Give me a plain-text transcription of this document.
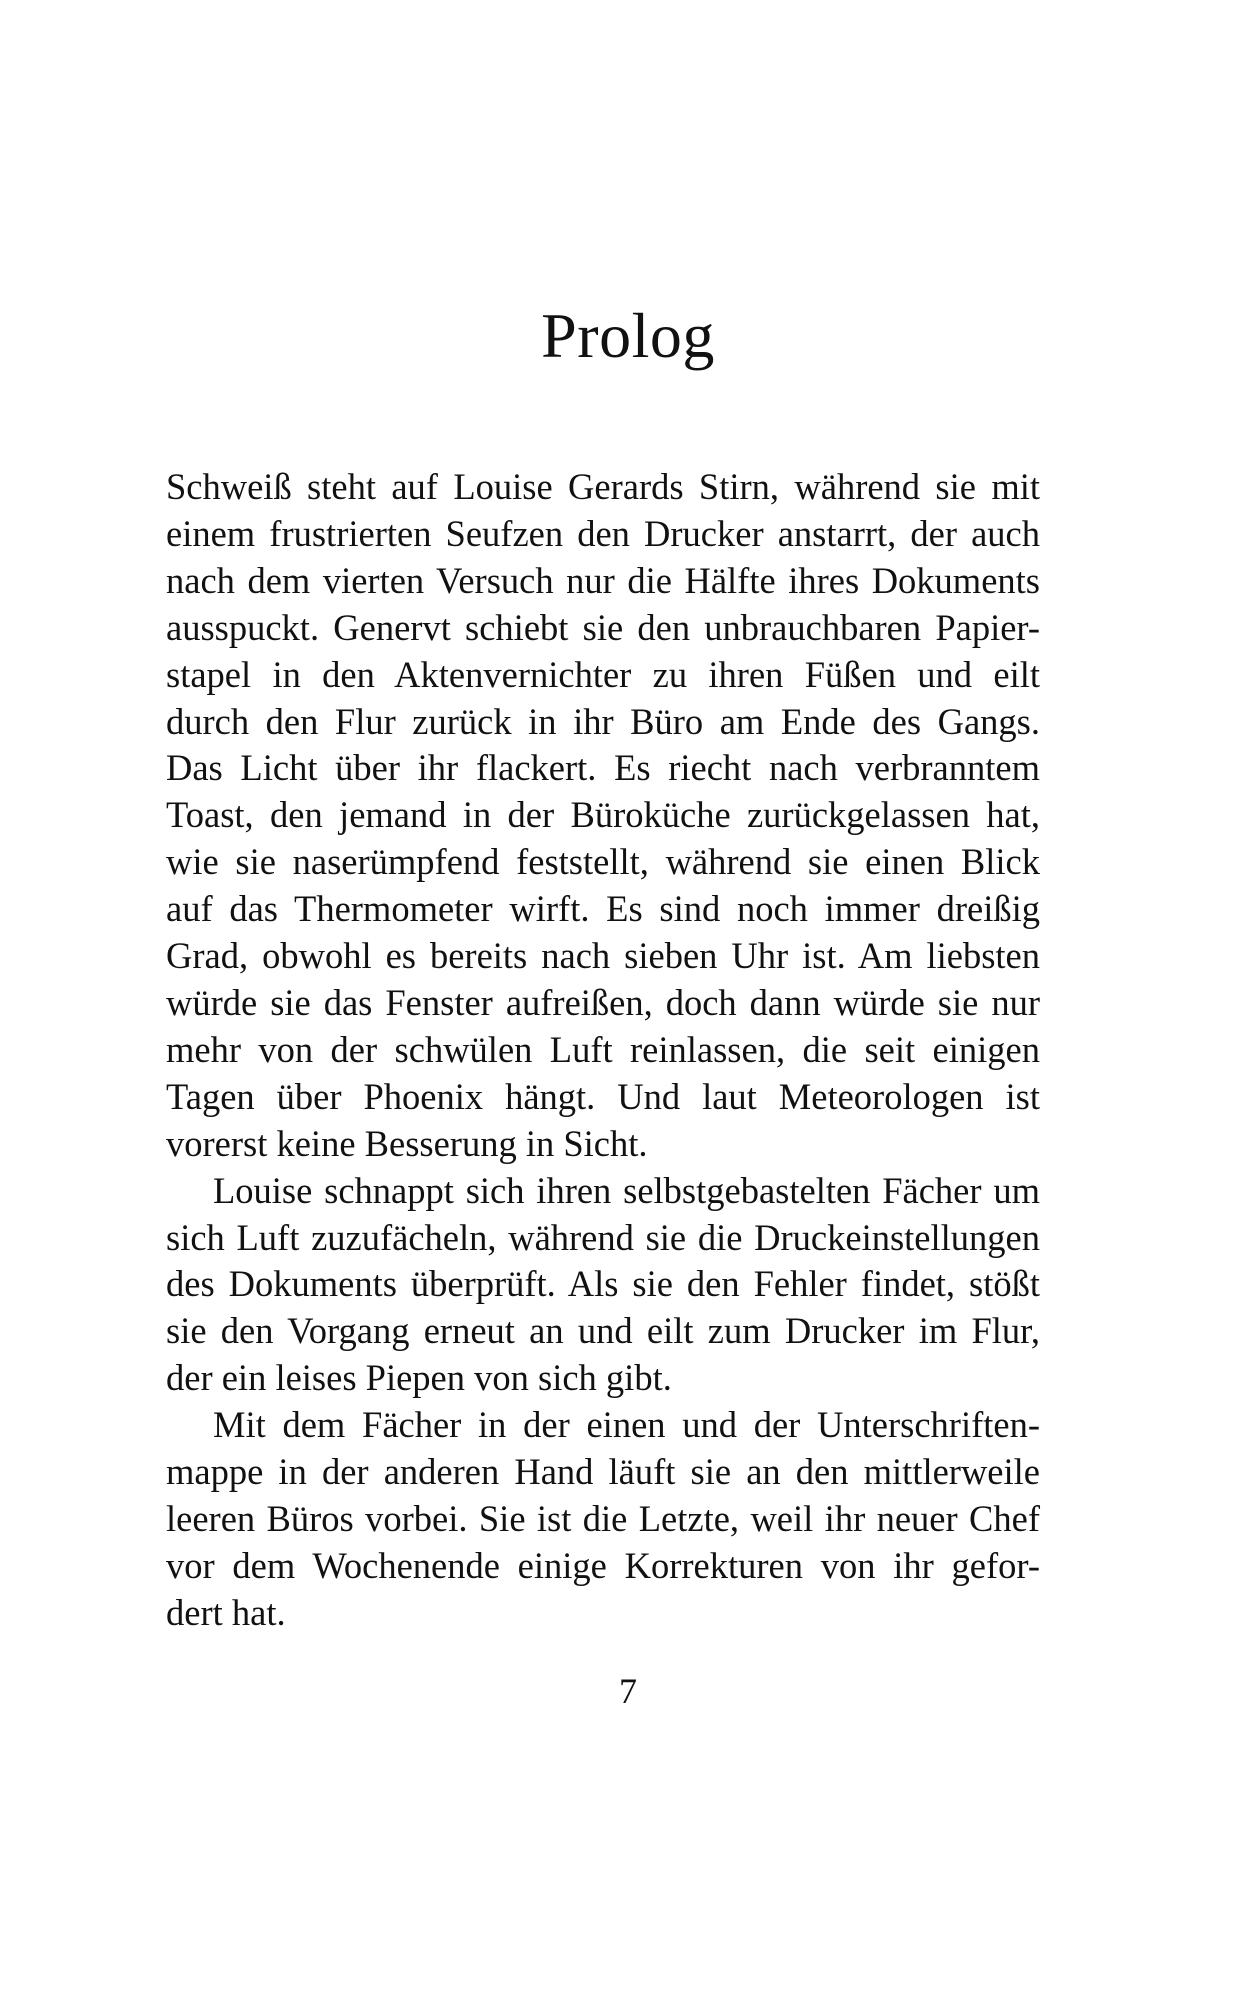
Prolog

Schweiß steht auf Louise Gerards Stirn, während sie mit
einem frustrierten Seufzen den Drucker anstarrt, der auch
nach dem vierten Versuch nur die Hälfte ihres Dokuments
ausspuckt. Genervt schiebt sie den unbrauchbaren Papier-
stapel in den Aktenvernichter zu ihren Füßen und eilt
durch den Flur zurück in ihr Büro am Ende des Gangs.
Das Licht über ihr flackert. Es riecht nach verbranntem
Toast, den jemand in der Büroküche zurückgelassen hat,
wie sie naserümpfend feststellt, während sie einen Blick
auf das Thermometer wirft. Es sind noch immer dreißig
Grad, obwohl es bereits nach sieben Uhr ist. Am liebsten
würde sie das Fenster aufreißen, doch dann würde sie nur
mehr von der schwülen Luft reinlassen, die seit einigen
Tagen über Phoenix hängt. Und laut Meteorologen ist
vorerst keine Besserung in Sicht.

Louise schnappt sich ihren selbstgebastelten Fächer um
sich Luft zuzufächeln, während sie die Druckeinstellungen
des Dokuments überprüft. Als sie den Fehler findet, stößt
sie den Vorgang erneut an und eilt zum Drucker im Flur,
der ein leises Piepen von sich gibt.

Mit dem Fächer in der einen und der Unterschriften-
mappe in der anderen Hand läuft sie an den mittlerweile
leeren Büros vorbei. Sie ist die Letzte, weil ihr neuer Chef
vor dem Wochenende einige Korrekturen von ihr gefor-
dert hat.

7
